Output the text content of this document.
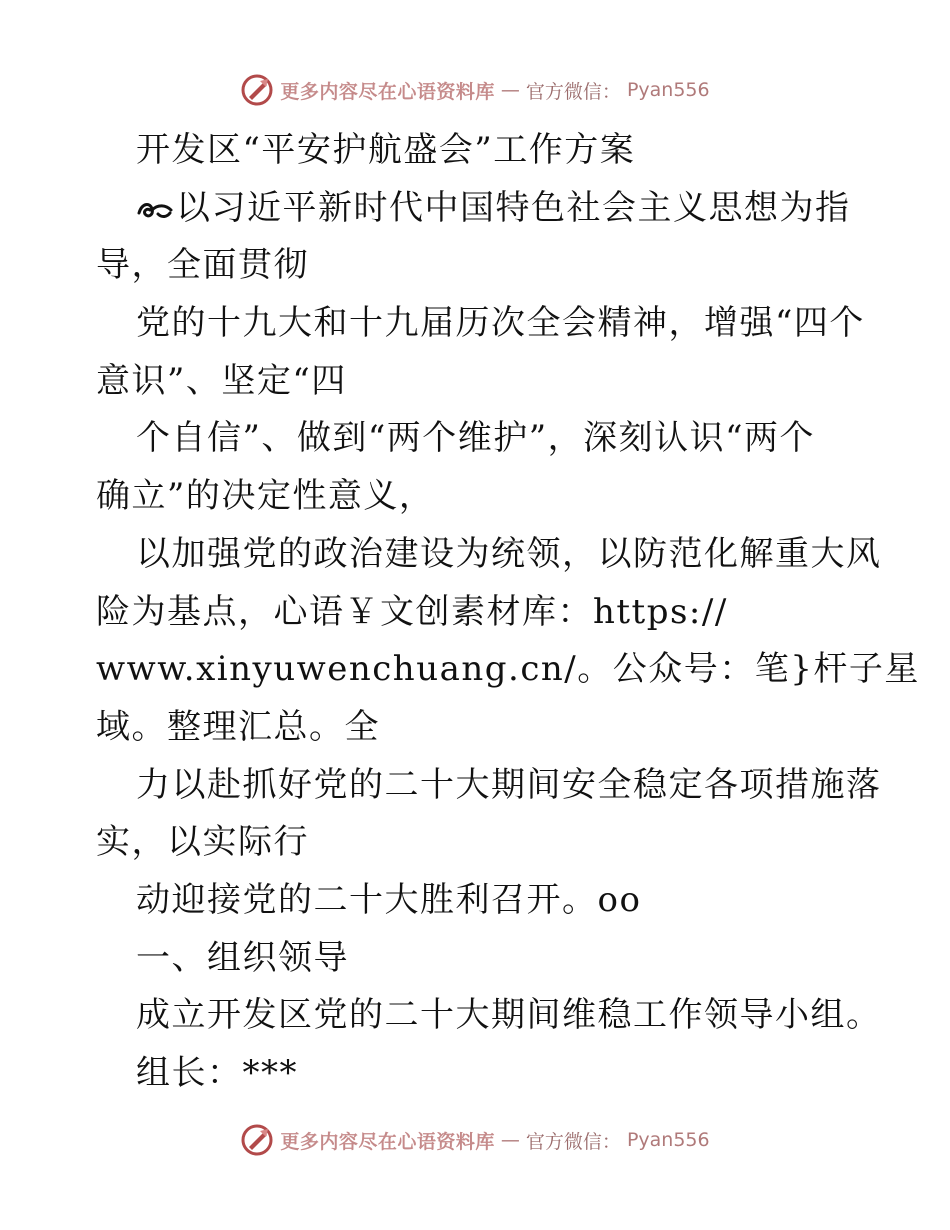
更多内容尽在心语资料库 — 官方微信： Pyan556
开发区“平安护航盛会”工作方案
以习近平新时代中国特色社会主义思想为指
导，全面贯彻
党的十九大和十九届历次全会精神，增强“四个
意识”、坚定“四
个自信”、做到“两个维护”，深刻认识“两个
确立”的决定性意义，
以加强党的政治建设为统领，以防范化解重大风
险为基点，心语￥文创素材库：https://
www.xinyuwenchuang.cn/。公众号：笔}杆子星
域。整理汇总。全
力以赴抓好党的二十大期间安全稳定各项措施落
实，以实际行
动迎接党的二十大胜利召开。oo
一、组织领导
成立开发区党的二十大期间维稳工作领导小组。
组长：***
更多内容尽在心语资料库 — 官方微信： Pyan556
